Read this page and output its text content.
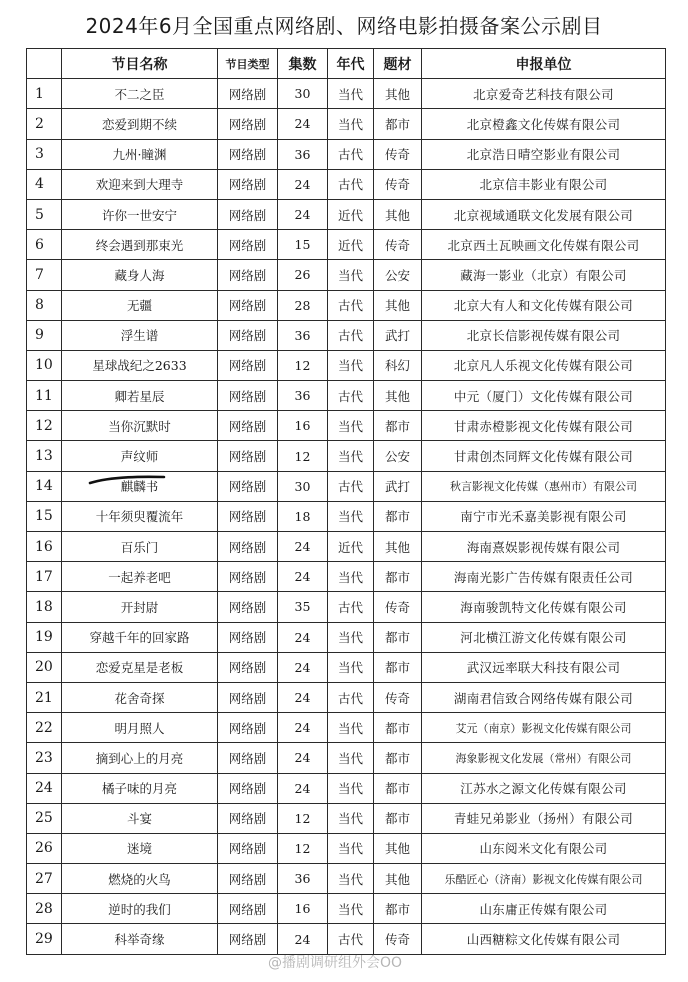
2024年6月全国重点网络剧、网络电影拍摄备案公示剧目
	节目名称	节目类型	集数	年代	题材	申报单位
1	不二之臣	网络剧	30	当代	其他	北京爱奇艺科技有限公司
2	恋爱到期不续	网络剧	24	当代	都市	北京橙鑫文化传媒有限公司
3	九州·瞳渊	网络剧	36	古代	传奇	北京浩日晴空影业有限公司
4	欢迎来到大理寺	网络剧	24	古代	传奇	北京信丰影业有限公司
5	许你一世安宁	网络剧	24	近代	其他	北京视域通联文化发展有限公司
6	终会遇到那束光	网络剧	15	近代	传奇	北京西土瓦映画文化传媒有限公司
7	藏身人海	网络剧	26	当代	公安	藏海一影业（北京）有限公司
8	无疆	网络剧	28	古代	其他	北京大有人和文化传媒有限公司
9	浮生谱	网络剧	36	古代	武打	北京长信影视传媒有限公司
10	星球战纪之2633	网络剧	12	当代	科幻	北京凡人乐视文化传媒有限公司
11	卿若星辰	网络剧	36	古代	其他	中元（厦门）文化传媒有限公司
12	当你沉默时	网络剧	16	当代	都市	甘肃赤橙影视文化传媒有限公司
13	声纹师	网络剧	12	当代	公安	甘肃创杰同辉文化传媒有限公司
14	麒麟书	网络剧	30	古代	武打	秋言影视文化传媒（惠州市）有限公司
15	十年须臾覆流年	网络剧	18	当代	都市	南宁市光禾嘉美影视有限公司
16	百乐门	网络剧	24	近代	其他	海南熹娱影视传媒有限公司
17	一起养老吧	网络剧	24	当代	都市	海南光影广告传媒有限责任公司
18	开封尉	网络剧	35	古代	传奇	海南骏凯特文化传媒有限公司
19	穿越千年的回家路	网络剧	24	当代	都市	河北横江游文化传媒有限公司
20	恋爱克星是老板	网络剧	24	当代	都市	武汉远率联大科技有限公司
21	花舍奇探	网络剧	24	古代	传奇	湖南君信致合网络传媒有限公司
22	明月照人	网络剧	24	当代	都市	艾元（南京）影视文化传媒有限公司
23	摘到心上的月亮	网络剧	24	当代	都市	海象影视文化发展（常州）有限公司
24	橘子味的月亮	网络剧	24	当代	都市	江苏水之源文化传媒有限公司
25	斗宴	网络剧	12	当代	都市	青蛙兄弟影业（扬州）有限公司
26	迷境	网络剧	12	当代	其他	山东阅米文化有限公司
27	燃烧的火鸟	网络剧	36	当代	其他	乐酷匠心（济南）影视文化传媒有限公司
28	逆时的我们	网络剧	16	当代	都市	山东庸正传媒有限公司
29	科举奇缘	网络剧	24	古代	传奇	山西糖粽文化传媒有限公司
@播剧调研组外会OO
